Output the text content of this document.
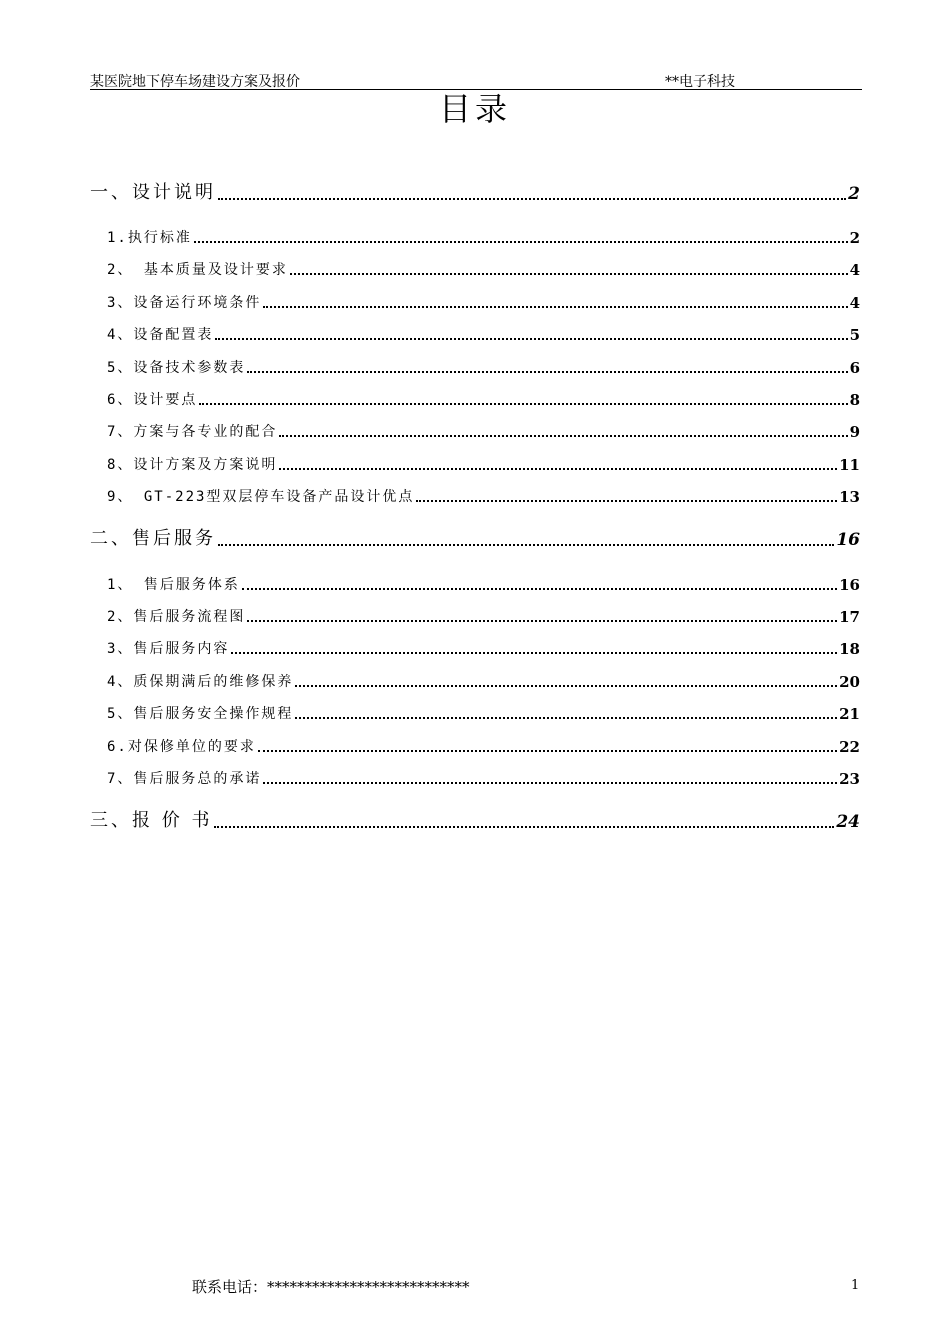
某医院地下停车场建设方案及报价	**电子科技
目录
一、设计说明	2
1.执行标准	2
2、 基本质量及设计要求	4
3、设备运行环境条件	4
4、设备配置表	5
5、设备技术参数表	6
6、设计要点	8
7、方案与各专业的配合	9
8、设计方案及方案说明	11
9、 GT-223型双层停车设备产品设计优点	13
二、售后服务	16
1、 售后服务体系	16
2、售后服务流程图	17
3、售后服务内容	18
4、质保期满后的维修保养	20
5、售后服务安全操作规程	21
6.对保修单位的要求	22
7、售后服务总的承诺	23
三、报 价 书	24
联系电话：***************************	1
